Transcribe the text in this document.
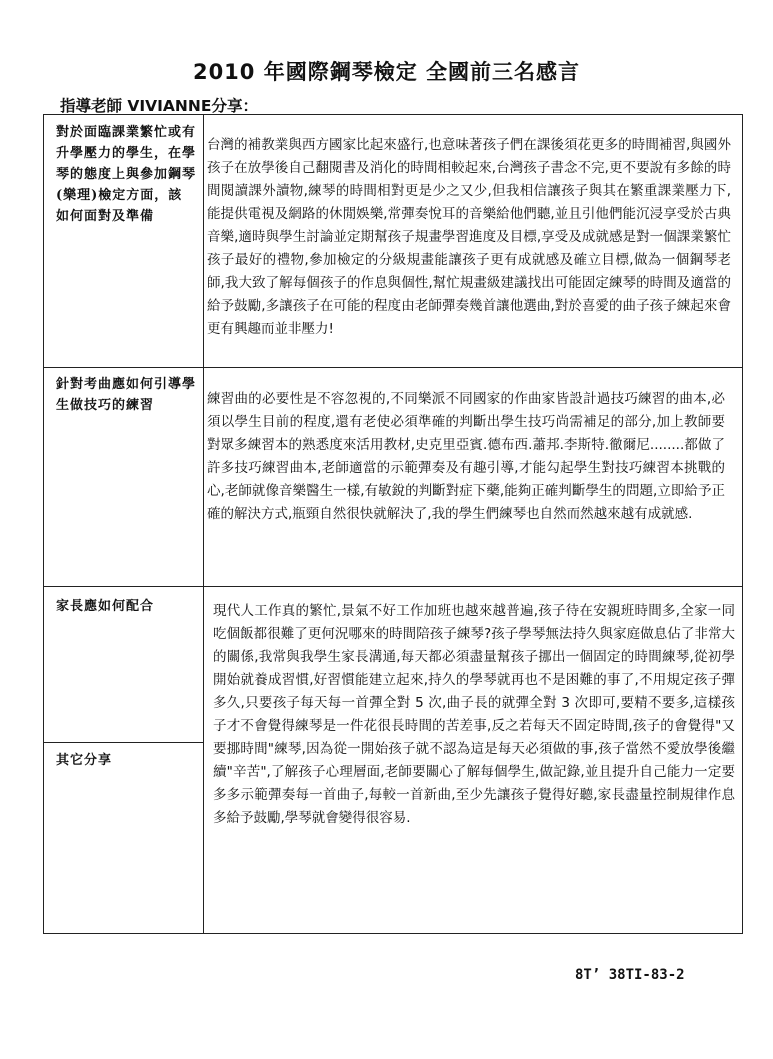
2010 年國際鋼琴檢定 全國前三名感言
指導老師 VIVIANNE分享：
對於面臨課業繁忙或有升學壓力的學生，在學琴的態度上與參加鋼琴(樂理)檢定方面，該如何面對及準備
台灣的補教業與西方國家比起來盛行,也意味著孩子們在課後須花更多的時間補習,與國外孩子在放學後自己翻閱書及消化的時間相較起來,台灣孩子書念不完,更不要說有多餘的時間閱讀課外讀物,練琴的時間相對更是少之又少,但我相信讓孩子與其在繁重課業壓力下,能提供電視及網路的休閒娛樂,常彈奏悅耳的音樂給他們聽,並且引他們能沉浸享受於古典音樂,適時與學生討論並定期幫孩子規畫學習進度及目標,享受及成就感是對一個課業繁忙孩子最好的禮物,參加檢定的分級規畫能讓孩子更有成就感及確立目標,做為一個鋼琴老師,我大致了解每個孩子的作息與個性,幫忙規畫級建議找出可能固定練琴的時間及適當的給予鼓勵,多讓孩子在可能的程度由老師彈奏幾首讓他選曲,對於喜愛的曲子孩子練起來會更有興趣而並非壓力!
針對考曲應如何引導學生做技巧的練習	練習曲的必要性是不容忽視的,不同樂派不同國家的作曲家皆設計過技巧練習的曲本,必須以學生目前的程度,還有老使必須準確的判斷出學生技巧尚需補足的部分,加上教師要對眾多練習本的熟悉度來活用教材,史克里亞賓.德布西.蕭邦.李斯特.徹爾尼........都做了許多技巧練習曲本,老師適當的示範彈奏及有趣引導,才能勾起學生對技巧練習本挑戰的心,老師就像音樂醫生一樣,有敏銳的判斷對症下藥,能夠正確判斷學生的問題,立即給予正確的解決方式,瓶頸自然很快就解決了,我的學生們練琴也自然而然越來越有成就感.
家長應如何配合	現代人工作真的繁忙,景氣不好工作加班也越來越普遍,孩子待在安親班時間多,全家一同吃個飯都很難了更何況哪來的時間陪孩子練琴?孩子學琴無法持久與家庭做息佔了非常大的關係,我常與我學生家長溝通,每天都必須盡量幫孩子挪出一個固定的時間練琴,從初學開始就養成習慣,好習慣能建立起來,持久的學琴就再也不是困難的事了,不用規定孩子彈多久,只要孩子每天每一首彈全對 5 次,曲子長的就彈全對 3 次即可,要精不要多,這樣孩子才不會覺得練琴是一件花很長時間的苦差事,反之若每天不固定時間,孩子的會覺得"又要挪時間"練琴,因為從一開始孩子就不認為這是每天必須做的事,孩子當然不愛放學後繼續"辛苦",了解孩子心理層面,老師要關心了解每個學生,做記錄,並且提升自己能力一定要多多示範彈奏每一首曲子,每較一首新曲,至少先讓孩子覺得好聽,家長盡量控制規律作息多給予鼓勵,學琴就會變得很容易.
其它分享
8T’ 38TI-83-2
